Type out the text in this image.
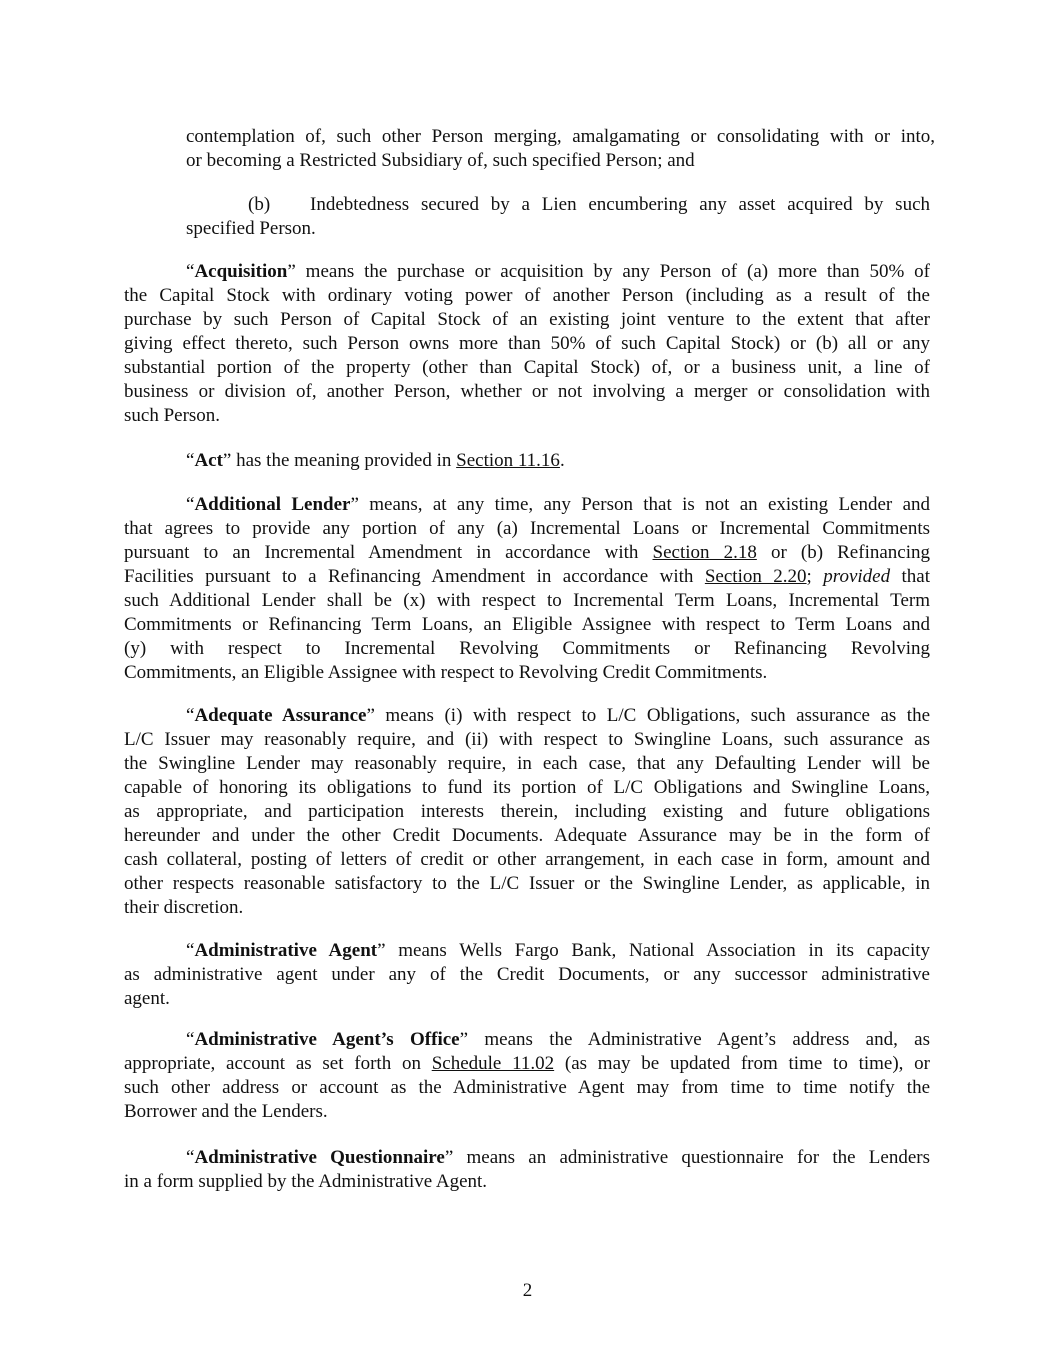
contemplation of, such other Person merging, amalgamating or consolidating with or into,
or becoming a Restricted Subsidiary of, such specified Person; and
(b) Indebtedness secured by a Lien encumbering any asset acquired by such
specified Person.
“Acquisition” means the purchase or acquisition by any Person of (a) more than 50% of
the Capital Stock with ordinary voting power of another Person (including as a result of the
purchase by such Person of Capital Stock of an existing joint venture to the extent that after
giving effect thereto, such Person owns more than 50% of such Capital Stock) or (b) all or any
substantial portion of the property (other than Capital Stock) of, or a business unit, a line of
business or division of, another Person, whether or not involving a merger or consolidation with
such Person.
“Act” has the meaning provided in Section 11.16.
“Additional Lender” means, at any time, any Person that is not an existing Lender and
that agrees to provide any portion of any (a) Incremental Loans or Incremental Commitments
pursuant to an Incremental Amendment in accordance with Section 2.18 or (b) Refinancing
Facilities pursuant to a Refinancing Amendment in accordance with Section 2.20; provided that
such Additional Lender shall be (x) with respect to Incremental Term Loans, Incremental Term
Commitments or Refinancing Term Loans, an Eligible Assignee with respect to Term Loans and
(y) with respect to Incremental Revolving Commitments or Refinancing Revolving
Commitments, an Eligible Assignee with respect to Revolving Credit Commitments.
“Adequate Assurance” means (i) with respect to L/C Obligations, such assurance as the
L/C Issuer may reasonably require, and (ii) with respect to Swingline Loans, such assurance as
the Swingline Lender may reasonably require, in each case, that any Defaulting Lender will be
capable of honoring its obligations to fund its portion of L/C Obligations and Swingline Loans,
as appropriate, and participation interests therein, including existing and future obligations
hereunder and under the other Credit Documents. Adequate Assurance may be in the form of
cash collateral, posting of letters of credit or other arrangement, in each case in form, amount and
other respects reasonable satisfactory to the L/C Issuer or the Swingline Lender, as applicable, in
their discretion.
“Administrative Agent” means Wells Fargo Bank, National Association in its capacity
as administrative agent under any of the Credit Documents, or any successor administrative
agent.
“Administrative Agent’s Office” means the Administrative Agent’s address and, as
appropriate, account as set forth on Schedule 11.02 (as may be updated from time to time), or
such other address or account as the Administrative Agent may from time to time notify the
Borrower and the Lenders.
“Administrative Questionnaire” means an administrative questionnaire for the Lenders
in a form supplied by the Administrative Agent.
2
